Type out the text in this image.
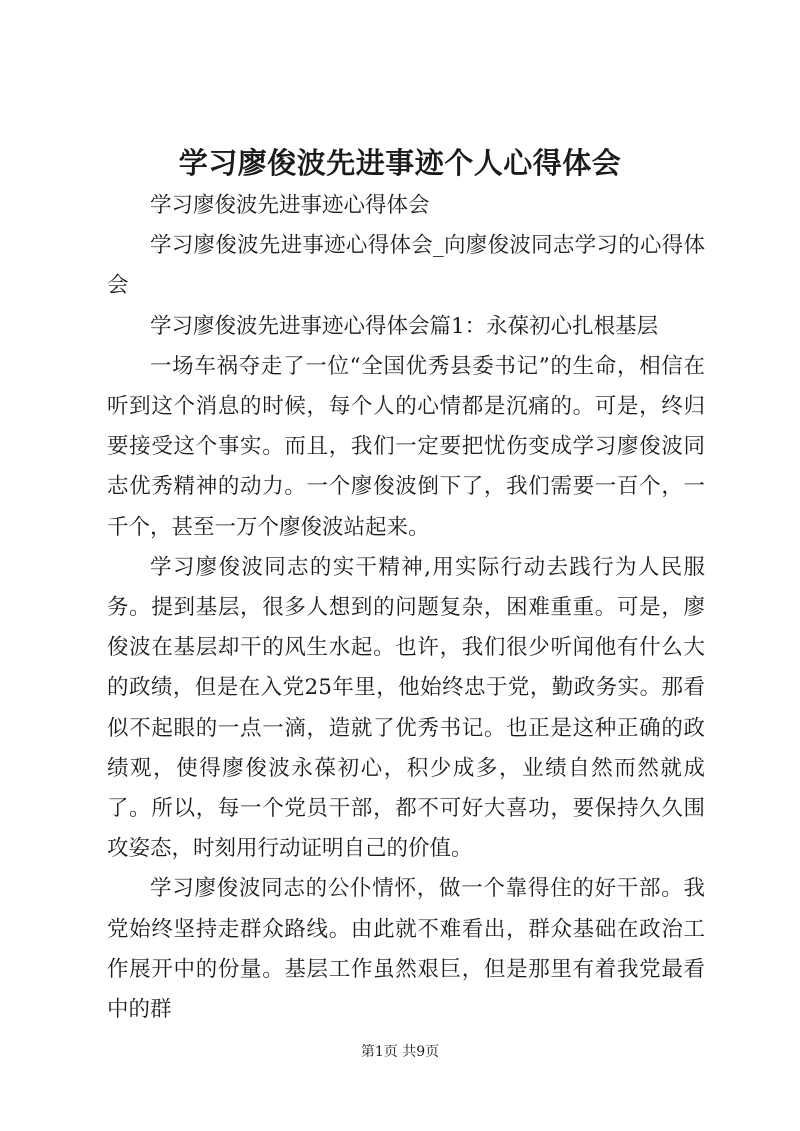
学习廖俊波先进事迹个人心得体会

学习廖俊波先进事迹心得体会

学习廖俊波先进事迹心得体会_向廖俊波同志学习的心得体会

学习廖俊波先进事迹心得体会篇1：永葆初心扎根基层

一场车祸夺走了一位“全国优秀县委书记”的生命，相信在听到这个消息的时候，每个人的心情都是沉痛的。可是，终归要接受这个事实。而且，我们一定要把忧伤变成学习廖俊波同志优秀精神的动力。一个廖俊波倒下了，我们需要一百个，一千个，甚至一万个廖俊波站起来。

学习廖俊波同志的实干精神,用实际行动去践行为人民服务。提到基层，很多人想到的问题复杂，困难重重。可是，廖俊波在基层却干的风生水起。也许，我们很少听闻他有什么大的政绩，但是在入党25年里，他始终忠于党，勤政务实。那看似不起眼的一点一滴，造就了优秀书记。也正是这种正确的政绩观，使得廖俊波永葆初心，积少成多，业绩自然而然就成了。所以，每一个党员干部，都不可好大喜功，要保持久久围攻姿态，时刻用行动证明自己的价值。

学习廖俊波同志的公仆情怀，做一个靠得住的好干部。我党始终坚持走群众路线。由此就不难看出，群众基础在政治工作展开中的份量。基层工作虽然艰巨，但是那里有着我党最看中的群

第1页 共9页
